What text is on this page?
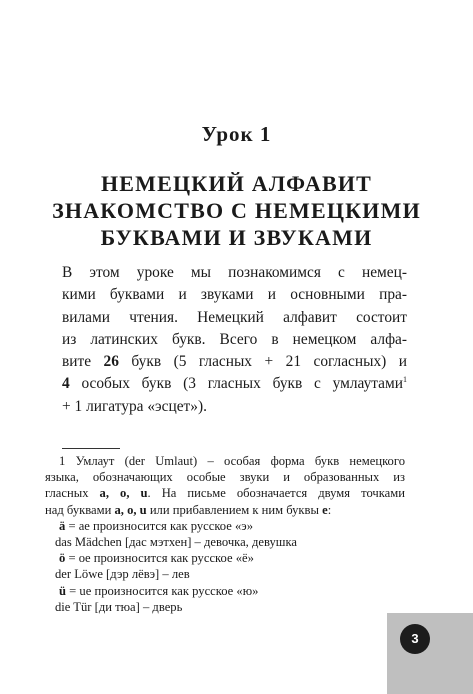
Урок 1
НЕМЕЦКИЙ АЛФАВИТ
ЗНАКОМСТВО С НЕМЕЦКИМИ
БУКВАМИ И ЗВУКАМИ
В этом уроке мы познакомимся с немец-
кими буквами и звуками и основными пра-
вилами чтения. Немецкий алфавит состоит
из латинских букв. Всего в немецком алфа-
вите 26 букв (5 гласных + 21 согласных) и
4 особых букв (3 гласных букв с умлаутами$^1$
+ 1 лигатура «эсцет»).
1 Умлаут (der Umlaut) – особая форма букв немецкого
языка, обозначающих особые звуки и образованных из
гласных a, o, u. На письме обозначается двумя точками
над буквами a, o, u или прибавлением к ним буквы e:
ä = ae произносится как русское «э»
das Mädchen [дас мэтхен] – девочка, девушка
ö = oe произносится как русское «ё»
der Löwe [дэр лёвэ] – лев
ü = ue произносится как русское «ю»
die Tür [ди тюа] – дверь
3
